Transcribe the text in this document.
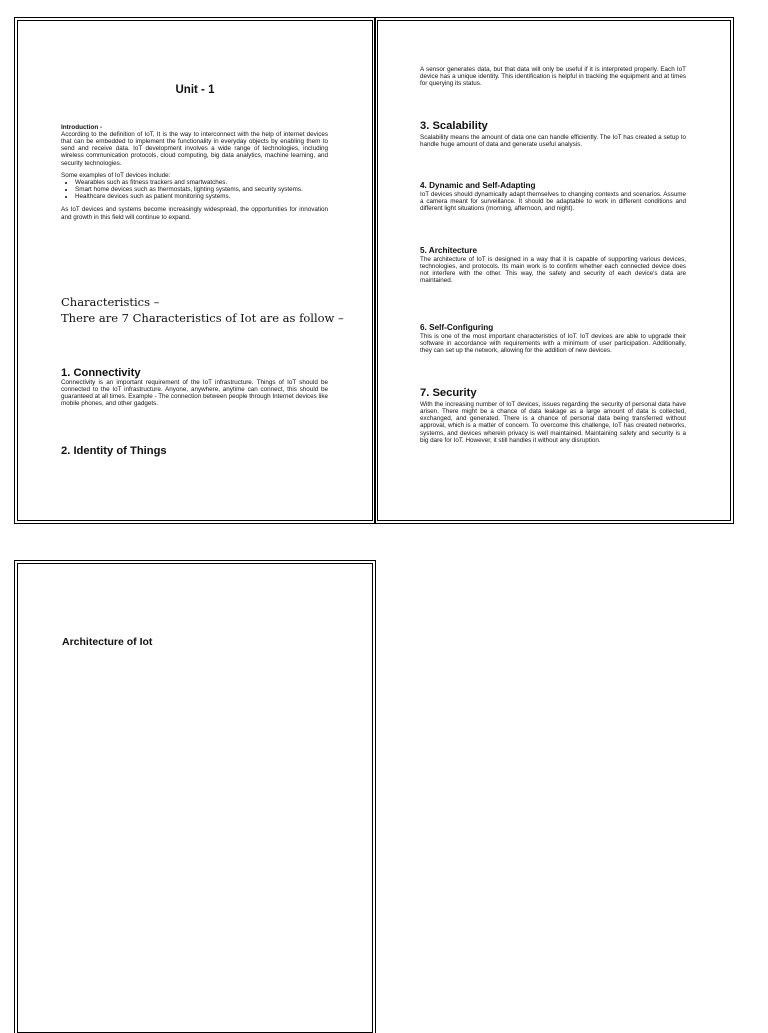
Unit - 1
Introduction -

According to the definition of IoT, It is the way to interconnect with the help of internet devices that can be embedded to implement the functionality in everyday objects by enabling them to send and receive data. IoT development involves a wide range of technologies, including wireless communication protocols, cloud computing, big data analytics, machine learning, and security technologies.

Some examples of IoT devices include:

• Wearables such as fitness trackers and smartwatches.
• Smart home devices such as thermostats, lighting systems, and security systems.
• Healthcare devices such as patient monitoring systems.

As IoT devices and systems become increasingly widespread, the opportunities for innovation and growth in this field will continue to expand.

Characteristics –
There are 7 Characteristics of Iot are as follow –
1. Connectivity

Connectivity is an important requirement of the IoT infrastructure. Things of IoT should be connected to the IoT infrastructure. Anyone, anywhere, anytime can connect, this should be guaranteed at all times. Example - The connection between people through Internet devices like mobile phones, and other gadgets.

2. Identity of Things

A sensor generates data, but that data will only be useful if it is interpreted properly. Each IoT device has a unique identity. This identification is helpful in tracking the equipment and at times for querying its status.

3. Scalability

Scalability means the amount of data one can handle efficiently. The IoT has created a setup to handle huge amount of data and generate useful analysis.

4. Dynamic and Self-Adapting

IoT devices should dynamically adapt themselves to changing contexts and scenarios. Assume a camera meant for surveillance. It should be adaptable to work in different conditions and different light situations (morning, afternoon, and night).

5. Architecture

The architecture of IoT is designed in a way that it is capable of supporting various devices, technologies, and protocols. Its main work is to confirm whether each connected device does not interfere with the other. This way, the safety and security of each device's data are maintained.

6. Self-Configuring

This is one of the most important characteristics of IoT. IoT devices are able to upgrade their software in accordance with requirements with a minimum of user participation. Additionally, they can set up the network, allowing for the addition of new devices.

7. Security

With the increasing number of IoT devices, issues regarding the security of personal data have arisen. There might be a chance of data leakage as a large amount of data is collected, exchanged, and generated. There is a chance of personal data being transferred without approval, which is a matter of concern. To overcome this challenge, IoT has created networks, systems, and devices wherein privacy is well maintained. Maintaining safety and security is a big dare for IoT. However, it still handles it without any disruption.

Architecture of Iot
